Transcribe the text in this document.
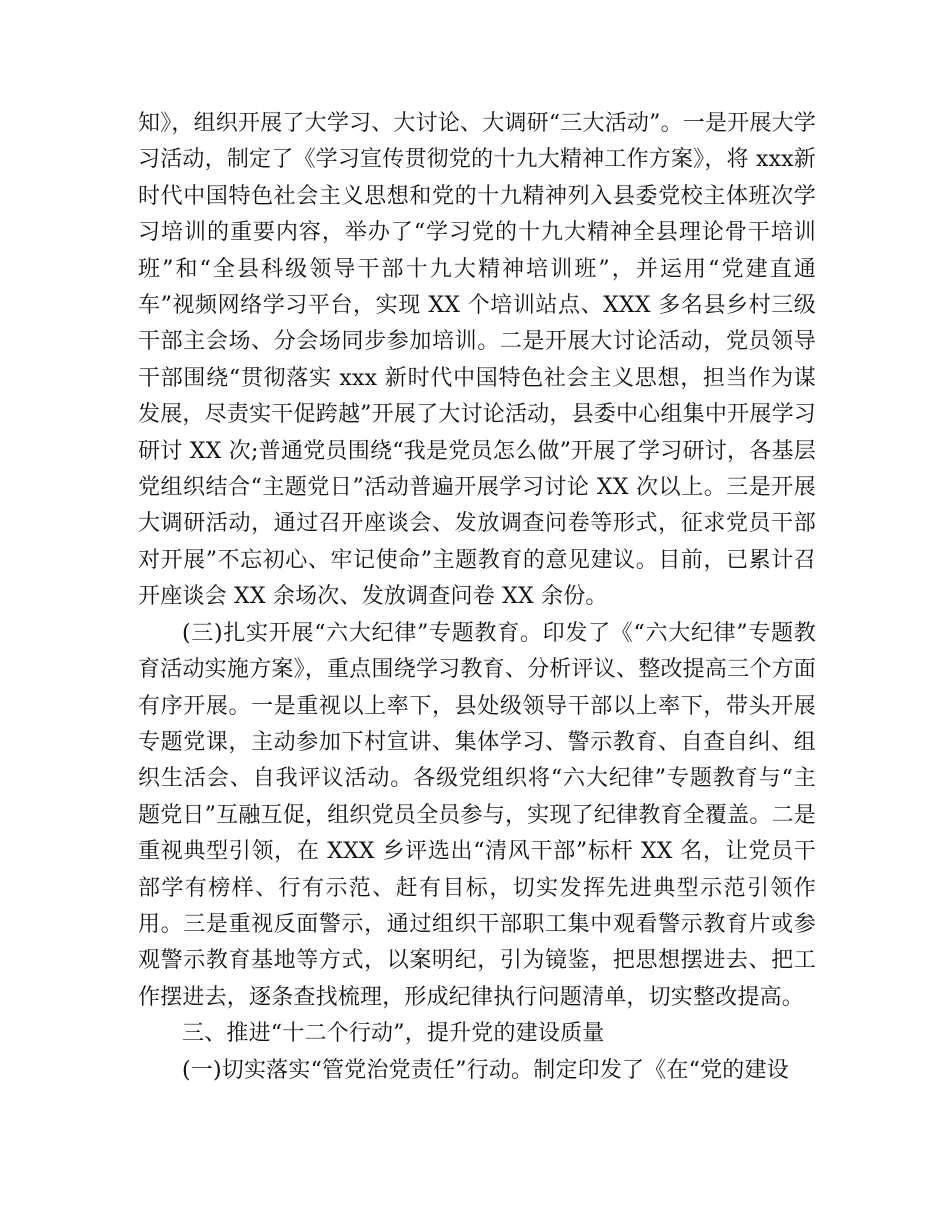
知》，组织开展了大学习、大讨论、大调研“三大活动”。一是开展大学习活动，制定了《学习宣传贯彻党的十九大精神工作方案》，将 xxx新时代中国特色社会主义思想和党的十九精神列入县委党校主体班次学习培训的重要内容，举办了“学习党的十九大精神全县理论骨干培训班”和“全县科级领导干部十九大精神培训班”，并运用“党建直通车”视频网络学习平台，实现 XX 个培训站点、XXX 多名县乡村三级干部主会场、分会场同步参加培训。二是开展大讨论活动，党员领导干部围绕“贯彻落实 xxx 新时代中国特色社会主义思想，担当作为谋发展，尽责实干促跨越”开展了大讨论活动，县委中心组集中开展学习研讨 XX 次;普通党员围绕“我是党员怎么做”开展了学习研讨，各基层党组织结合“主题党日”活动普遍开展学习讨论 XX 次以上。三是开展大调研活动，通过召开座谈会、发放调查问卷等形式，征求党员干部对开展”不忘初心、牢记使命”主题教育的意见建议。目前，已累计召开座谈会 XX 余场次、发放调查问卷 XX 余份。

(三)扎实开展“六大纪律”专题教育。印发了《“六大纪律”专题教育活动实施方案》，重点围绕学习教育、分析评议、整改提高三个方面有序开展。一是重视以上率下，县处级领导干部以上率下，带头开展专题党课，主动参加下村宣讲、集体学习、警示教育、自查自纠、组织生活会、自我评议活动。各级党组织将“六大纪律”专题教育与“主题党日”互融互促，组织党员全员参与，实现了纪律教育全覆盖。二是重视典型引领，在 XXX 乡评选出“清风干部”标杆 XX 名，让党员干部学有榜样、行有示范、赶有目标，切实发挥先进典型示范引领作用。三是重视反面警示，通过组织干部职工集中观看警示教育片或参观警示教育基地等方式，以案明纪，引为镜鉴，把思想摆进去、把工作摆进去，逐条查找梳理，形成纪律执行问题清单，切实整改提高。

三、推进“十二个行动”，提升党的建设质量

(一)切实落实“管党治党责任”行动。制定印发了《在“党的建设
